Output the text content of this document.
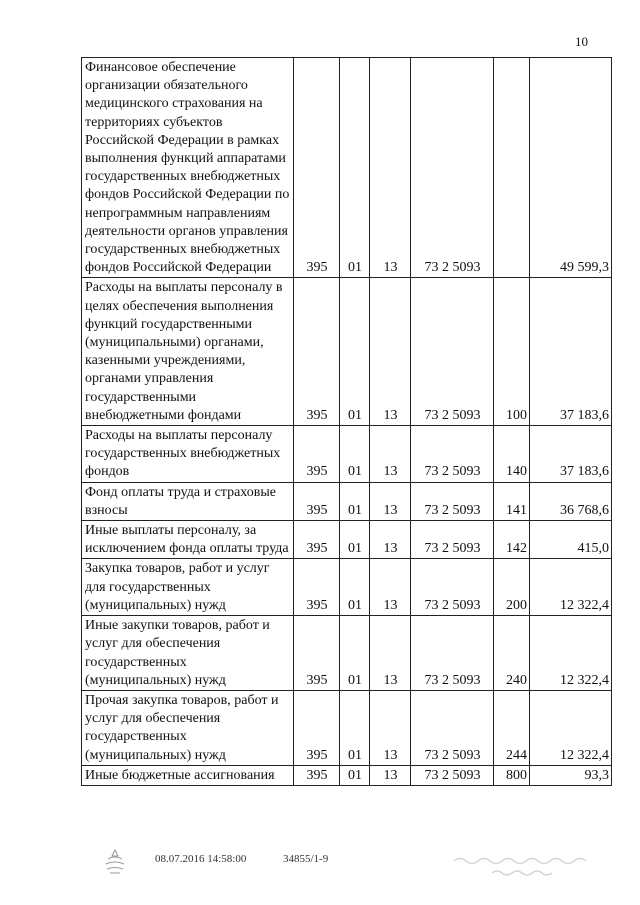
10
Финансовое обеспечение организации обязательного медицинского страхования на территориях субъектов Российской Федерации в рамках выполнения функций аппаратами государственных внебюджетных фондов Российской Федерации по непрограммным направлениям деятельности органов управления государственных внебюджетных фондов Российской Федерации	395	01	13	73 2 5093		49 599,3

Расходы на выплаты персоналу в целях обеспечения выполнения функций государственными (муниципальными) органами, казенными учреждениями, органами управления государственными внебюджетными фондами	395	01	13	73 2 5093	100	37 183,6

Расходы на выплаты персоналу государственных внебюджетных фондов	395	01	13	73 2 5093	140	37 183,6

Фонд оплаты труда и страховые взносы	395	01	13	73 2 5093	141	36 768,6

Иные выплаты персоналу, за исключением фонда оплаты труда	395	01	13	73 2 5093	142	415,0

Закупка товаров, работ и услуг для государственных (муниципальных) нужд	395	01	13	73 2 5093	200	12 322,4

Иные закупки товаров, работ и услуг для обеспечения государственных (муниципальных) нужд	395	01	13	73 2 5093	240	12 322,4

Прочая закупка товаров, работ и услуг для обеспечения государственных (муниципальных) нужд	395	01	13	73 2 5093	244	12 322,4

Иные бюджетные ассигнования	395	01	13	73 2 5093	800	93,3
08.07.2016 14:58:00	34855/1-9
